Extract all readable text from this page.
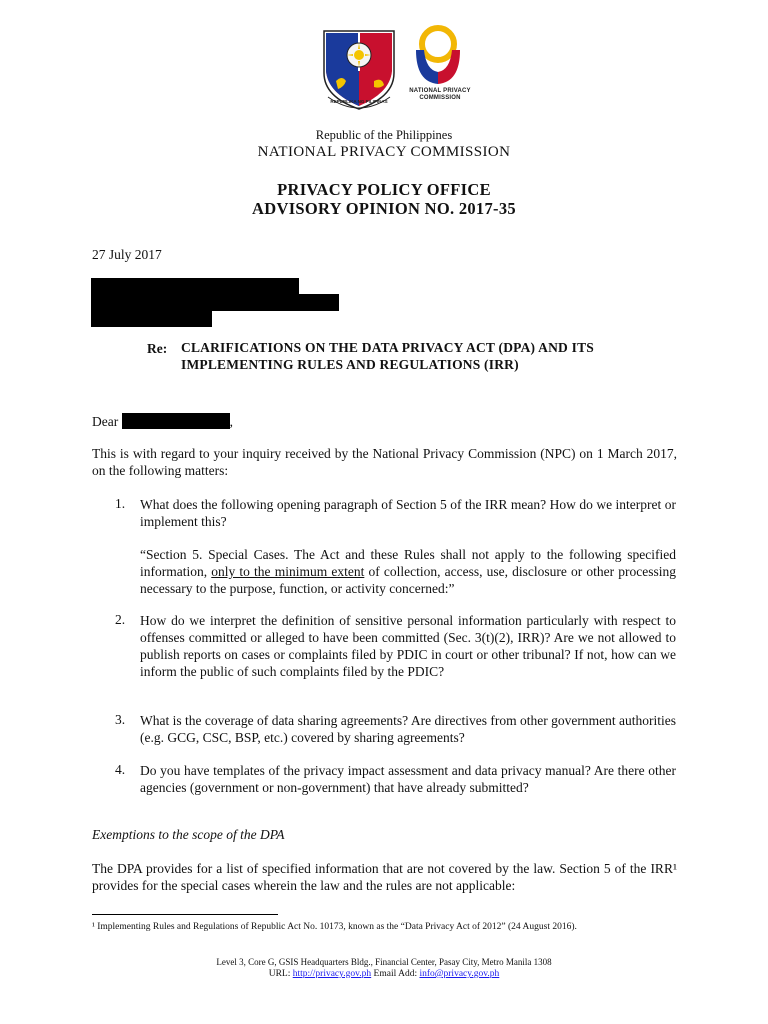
REPUBLIKA NG PILIPINAS
NATIONAL PRIVACY COMMISSION
Republic of the Philippines
NATIONAL PRIVACY COMMISSION
PRIVACY POLICY OFFICE
ADVISORY OPINION NO. 2017-35
27 July 2017
Re: CLARIFICATIONS ON THE DATA PRIVACY ACT (DPA) AND ITS IMPLEMENTING RULES AND REGULATIONS (IRR)
Dear	,
This is with regard to your inquiry received by the National Privacy Commission (NPC) on 1 March 2017, on the following matters:
1. What does the following opening paragraph of Section 5 of the IRR mean? How do we interpret or implement this?
“Section 5. Special Cases. The Act and these Rules shall not apply to the following specified information, only to the minimum extent of collection, access, use, disclosure or other processing necessary to the purpose, function, or activity concerned:”
2. How do we interpret the definition of sensitive personal information particularly with respect to offenses committed or alleged to have been committed (Sec. 3(t)(2), IRR)? Are we not allowed to publish reports on cases or complaints filed by PDIC in court or other tribunal? If not, how can we inform the public of such complaints filed by the PDIC?
3. What is the coverage of data sharing agreements? Are directives from other government authorities (e.g. GCG, CSC, BSP, etc.) covered by sharing agreements?
4. Do you have templates of the privacy impact assessment and data privacy manual? Are there other agencies (government or non-government) that have already submitted?
Exemptions to the scope of the DPA
The DPA provides for a list of specified information that are not covered by the law. Section 5 of the IRR¹ provides for the special cases wherein the law and the rules are not applicable:
¹ Implementing Rules and Regulations of Republic Act No. 10173, known as the “Data Privacy Act of 2012” (24 August 2016).
Level 3, Core G, GSIS Headquarters Bldg., Financial Center, Pasay City, Metro Manila 1308
URL: http://privacy.gov.ph Email Add: info@privacy.gov.ph
